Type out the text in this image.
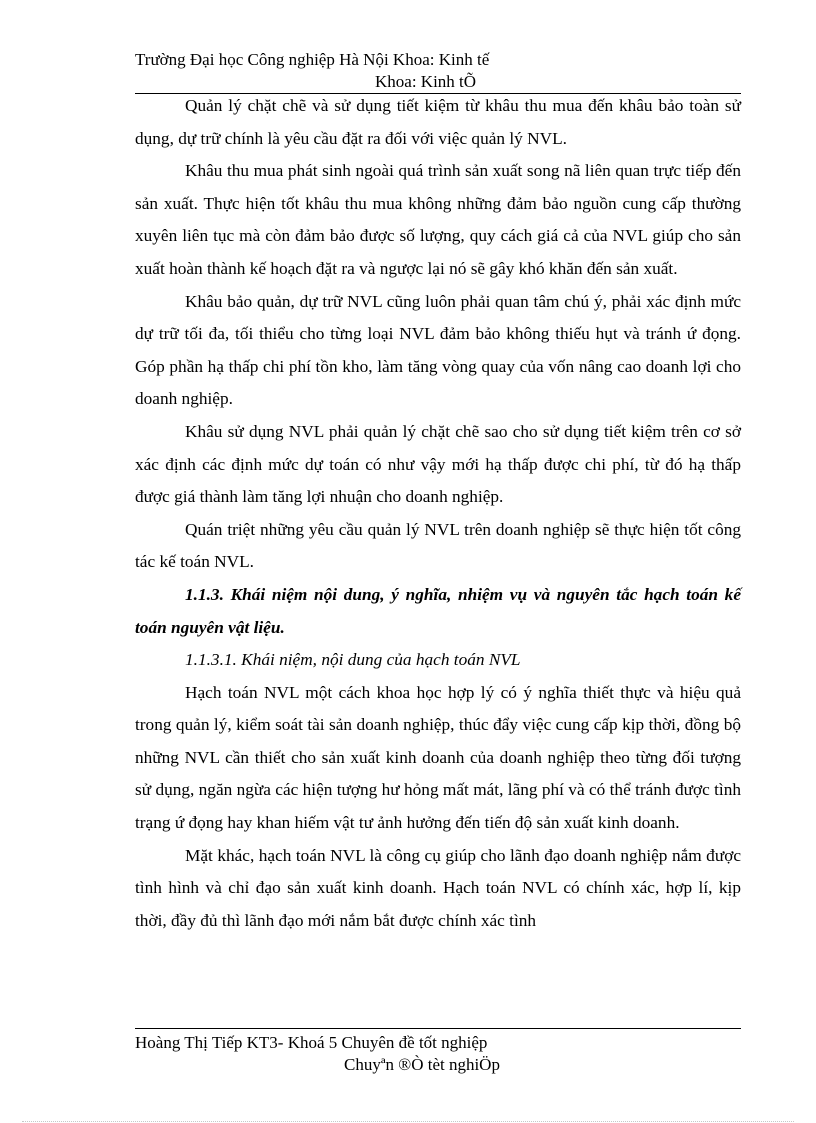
Trường Đại học Công nghiệp Hà Nội Khoa: Kinh tế
Khoa: Kinh tÕ

Quản lý chặt chẽ và sử dụng tiết kiệm từ khâu thu mua đến khâu bảo toàn sử dụng, dự trữ chính là yêu cầu đặt ra đối với việc quản lý NVL.

Khâu thu mua phát sinh ngoài quá trình sản xuất song nã liên quan trực tiếp đến sản xuất. Thực hiện tốt khâu thu mua không những đảm bảo nguồn cung cấp thường xuyên liên tục mà còn đảm bảo được số lượng, quy cách giá cả của NVL giúp cho sản xuất hoàn thành kế hoạch đặt ra và ngược lại nó sẽ gây khó khăn đến sản xuất.

Khâu bảo quản, dự trữ NVL cũng luôn phải quan tâm chú ý, phải xác định mức dự trữ tối đa, tối thiểu cho từng loại NVL đảm bảo không thiếu hụt và tránh ứ đọng. Góp phần hạ thấp chi phí tồn kho, làm tăng vòng quay của vốn nâng cao doanh lợi cho doanh nghiệp.

Khâu sử dụng NVL phải quản lý chặt chẽ sao cho sử dụng tiết kiệm trên cơ sở xác định các định mức dự toán có như vậy mới hạ thấp được chi phí, từ đó hạ thấp được giá thành làm tăng lợi nhuận cho doanh nghiệp.

Quán triệt những yêu cầu quản lý NVL trên doanh nghiệp sẽ thực hiện tốt công tác kế toán NVL.

1.1.3. Khái niệm nội dung, ý nghĩa, nhiệm vụ và nguyên tắc hạch toán kế toán nguyên vật liệu.

1.1.3.1. Khái niệm, nội dung của hạch toán NVL

Hạch toán NVL một cách khoa học hợp lý có ý nghĩa thiết thực và hiệu quả trong quản lý, kiểm soát tài sản doanh nghiệp, thúc đẩy việc cung cấp kịp thời, đồng bộ những NVL cần thiết cho sản xuất kinh doanh của doanh nghiệp theo từng đối tượng sử dụng, ngăn ngừa các hiện tượng hư hỏng mất mát, lãng phí và có thể tránh được tình trạng ứ đọng hay khan hiếm vật tư ảnh hưởng đến tiến độ sản xuất kinh doanh.

Mặt khác, hạch toán NVL là công cụ giúp cho lãnh đạo doanh nghiệp nắm được tình hình và chỉ đạo sản xuất kinh doanh. Hạch toán NVL có chính xác, hợp lí, kịp thời, đầy đủ thì lãnh đạo mới nắm bắt được chính xác tình

Hoàng Thị Tiếp KT3- Khoá 5 Chuyên đề tốt nghiệp
Chuyªn ®Ò tèt nghiÖp
